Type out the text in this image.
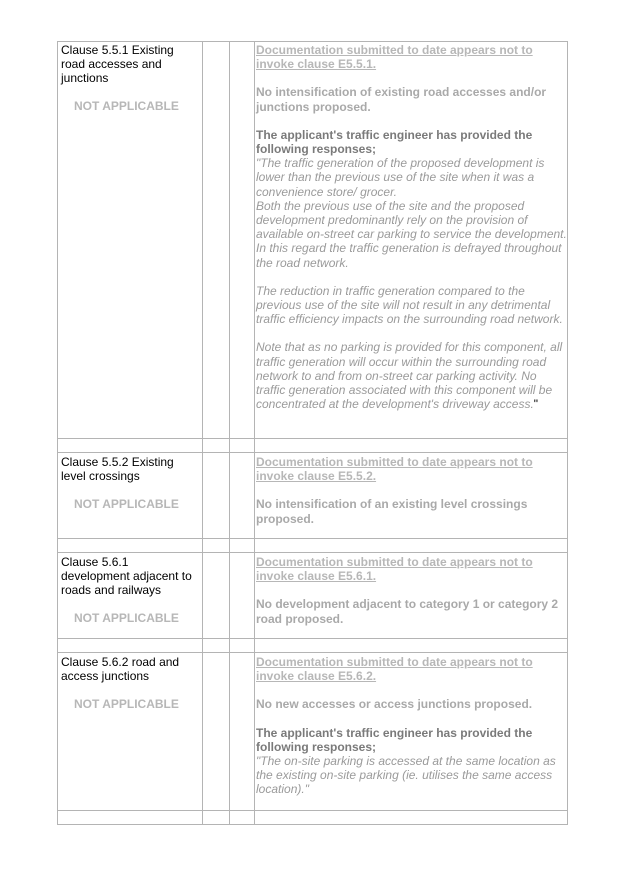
Clause 5.5.1 Existing road accesses and junctions
NOT APPLICABLE

Documentation submitted to date appears not to invoke clause E5.5.1.

No intensification of existing road accesses and/or junctions proposed.

The applicant's traffic engineer has provided the following responses;
"The traffic generation of the proposed development is lower than the previous use of the site when it was a convenience store/ grocer.

Both the previous use of the site and the proposed development predominantly rely on the provision of available on-street car parking to service the development. In this regard the traffic generation is defrayed throughout the road network.

The reduction in traffic generation compared to the previous use of the site will not result in any detrimental traffic efficiency impacts on the surrounding road network.

Note that as no parking is provided for this component, all traffic generation will occur within the surrounding road network to and from on-street car parking activity. No traffic generation associated with this component will be concentrated at the development's driveway access."
Clause 5.5.2 Existing level crossings
NOT APPLICABLE

Documentation submitted to date appears not to invoke clause E5.5.2.

No intensification of an existing level crossings proposed.

Clause 5.6.1 development adjacent to roads and railways
NOT APPLICABLE

Documentation submitted to date appears not to invoke clause E5.6.1.

No development adjacent to category 1 or category 2 road proposed.

Clause 5.6.2 road and access junctions
NOT APPLICABLE

Documentation submitted to date appears not to invoke clause E5.6.2.

No new accesses or access junctions proposed.

The applicant's traffic engineer has provided the following responses;
"The on-site parking is accessed at the same location as the existing on-site parking (ie. utilises the same access location)."
